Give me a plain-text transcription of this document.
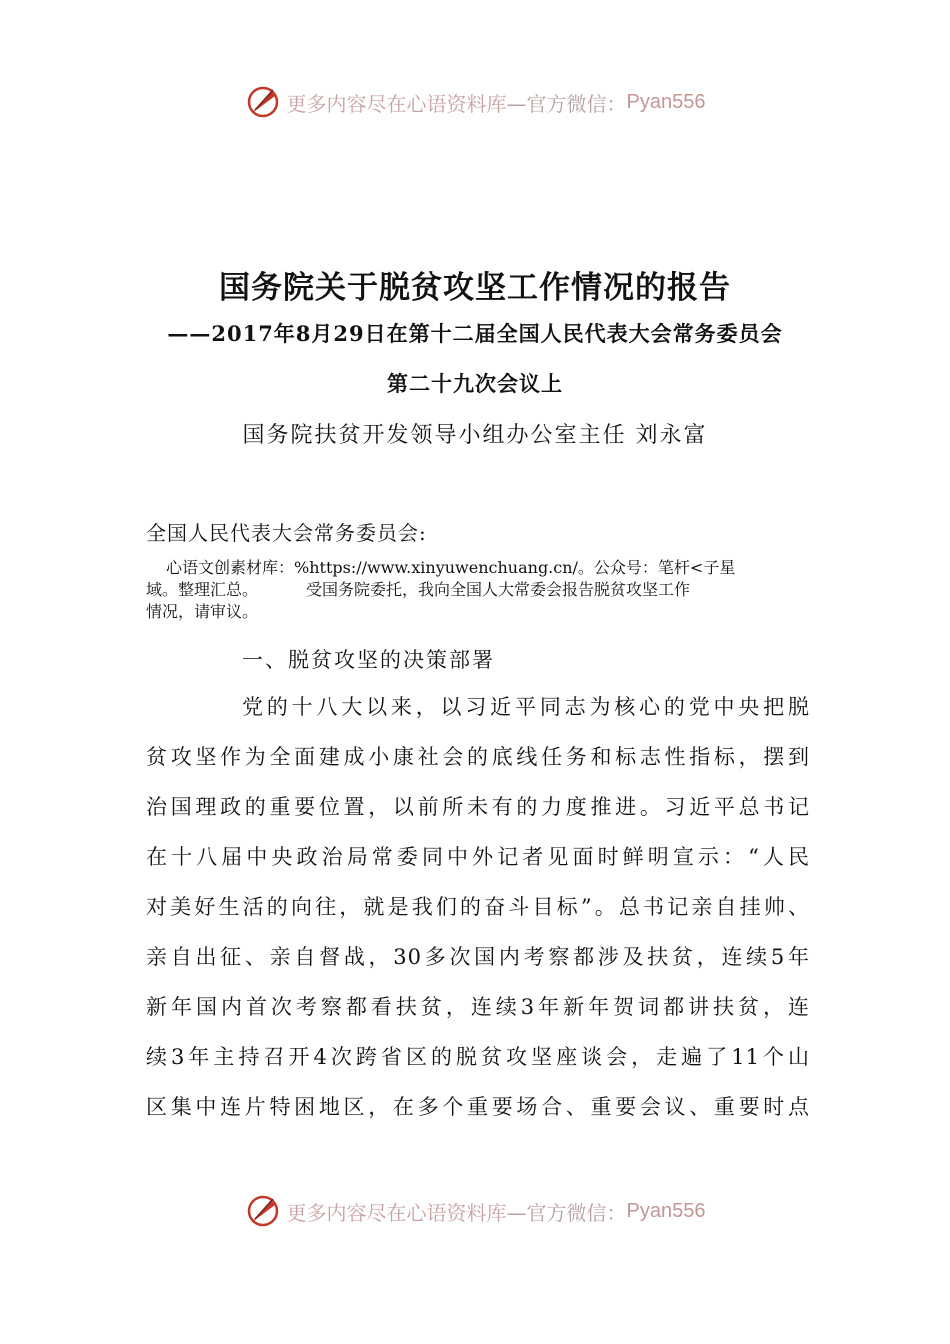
更多内容尽在心语资料库 —官方微信： Pyan556
国务院关于脱贫攻坚工作情况的报告
——2017年8月29日在第十二届全国人民代表大会常务委员会
第二十九次会议上
国务院扶贫开发领导小组办公室主任 刘永富
全国人民代表大会常务委员会:
心语文创素材库：%https://www.xinyuwenchuang.cn/。公众号：笔杆<子星
域。整理汇总。	受国务院委托，我向全国人大常委会报告脱贫攻坚工作
情况，请审议。
一、脱贫攻坚的决策部署
党的十八大以来，以习近平同志为核心的党中央把脱
贫攻坚作为全面建成小康社会的底线任务和标志性指标，摆到
治国理政的重要位置，以前所未有的力度推进。习近平总书记
在十八届中央政治局常委同中外记者见面时鲜明宣示：“人民
对美好生活的向往，就是我们的奋斗目标”。总书记亲自挂帅、
亲自出征、亲自督战，30多次国内考察都涉及扶贫，连续5年
新年国内首次考察都看扶贫，连续3年新年贺词都讲扶贫，连
续3年主持召开4次跨省区的脱贫攻坚座谈会，走遍了11个山
区集中连片特困地区，在多个重要场合、重要会议、重要时点
更多内容尽在心语资料库 —官方微信： Pyan556
